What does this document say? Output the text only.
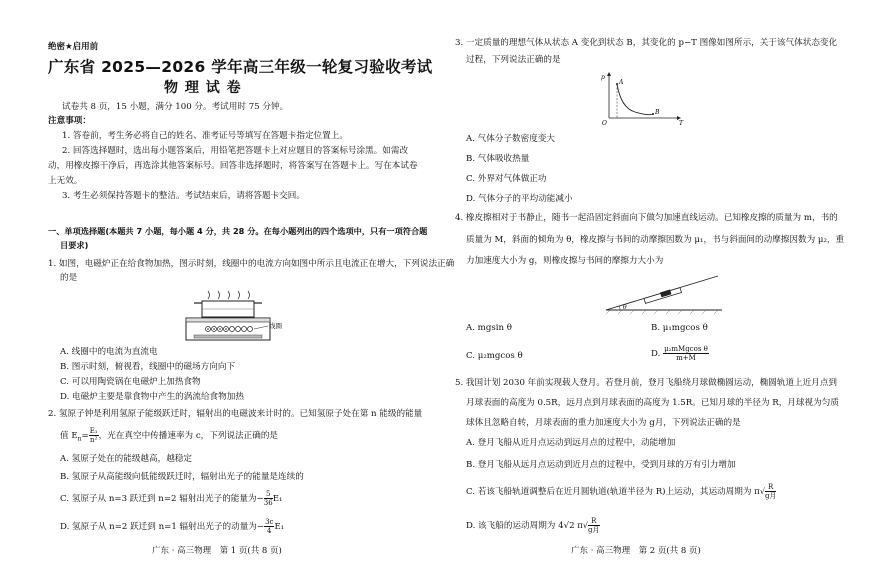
绝密★启用前
广东省 2025—2026 学年高三年级一轮复习验收考试
物 理 试 卷
试卷共 8 页，15 小题，满分 100 分。考试用时 75 分钟。
注意事项：
1. 答卷前，考生务必将自己的姓名、准考证号等填写在答题卡指定位置上。
2. 回答选择题时，选出每小题答案后，用铅笔把答题卡上对应题目的答案标号涂黑。如需改
动，用橡皮擦干净后，再选涂其他答案标号。回答非选择题时，将答案写在答题卡上。写在本试卷
上无效。
3. 考生必须保持答题卡的整洁。考试结束后，请将答题卡交回。
一、单项选择题(本题共 7 小题，每小题 4 分，共 28 分。在每小题列出的四个选项中，只有一项符合题
目要求)
1. 如图，电磁炉正在给食物加热，图示时刻，线圈中的电流方向如图中所示且电流正在增大，下列说法正确
的是
线圈
A. 线圈中的电流为直流电
B. 图示时刻，俯视看，线圈中的磁场方向向下
C. 可以用陶瓷锅在电磁炉上加热食物
D. 电磁炉主要是靠食物中产生的涡流给食物加热
2. 氢原子钟是利用氢原子能级跃迁时，辐射出的电磁波来计时的。已知氢原子处在第 n 能级的能量
值 $E_n= \frac{\text{E₁}}{\text{n²}}$ ，光在真空中传播速率为 c，下列说法正确的是
A. 氢原子处在的能级越高，越稳定
B. 氢原子从高能级向低能级跃迁时，辐射出光子的能量是连续的
C. 氢原子从 n=3 跃迁到 n=2 辐射出光子的能量为− $\frac{5}{36} E_1$
D. 氢原子从 n=2 跃迁到 n=1 辐射出光子的动量为− $\frac{3c}{4} E_1$
广东 · 高三物理　第 1 页(共 8 页)
3. 一定质量的理想气体从状态 A 变化到状态 B，其变化的 p−T 图像如图所示，关于该气体状态变化
过程，下列说法正确的是
p
T
O
A
B
A. 气体分子数密度变大
B. 气体吸收热量
C. 外界对气体做正功
D. 气体分子的平均动能减小
4. 橡皮擦相对于书静止，随书一起沿固定斜面向下做匀加速直线运动。已知橡皮擦的质量为 m，书的
质量为 M，斜面的倾角为 θ，橡皮擦与书间的动摩擦因数为 μ₁，书与斜面间的动摩擦因数为 μ₂，重
力加速度大小为 g，则橡皮擦与书间的摩擦力大小为
θ
A. mgsin θ	B. μ₁mgcos θ
C. μ₂mgcos θ	D. $\frac{\text{μ₂mMgcos θ}}{m+M}$
5. 我国计划 2030 年前实现载人登月。若登月前，登月飞船绕月球做椭圆运动，椭圆轨道上近月点到
月球表面的高度为 0.5R，远月点到月球表面的高度为 1.5R。已知月球的半径为 R，月球视为匀质
球体且忽略自转，月球表面的重力加速度大小为 g月，下列说法正确的是
A. 登月飞船从近月点运动到远月点的过程中，动能增加
B. 登月飞船从远月点运动到近月点的过程中，受到月球的万有引力增加
C. 若该飞船轨道调整后在近月圆轨道(轨道半径为 R)上运动，其运动周期为 $\pi√ \frac{R}{\text{g月}}$
D. 该飞船的运动周期为 4√2 $\pi√ \frac{R}{\text{g月}}$
广东 · 高三物理　第 2 页(共 8 页)
